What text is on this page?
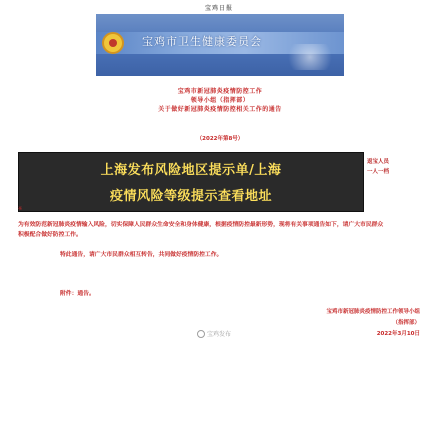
宝鸡日报
宝鸡市卫生健康委员会
宝鸡市新冠肺炎疫情防控工作
领导小组（指挥部）
关于做好新冠肺炎疫情防控相关工作的通告
（2022年第8号）
上海发布风险地区提示单/上海
疫情风险等级提示查看地址
返宝人员
一人一档
※
为有效防范新冠肺炎疫情输入风险，切实保障人民群众生命安全和身体健康，根据疫情防控最新形势，现将有关事项通告如下，请广大市民群众积极配合做好防控工作。
特此通告，请广大市民群众相互转告，共同做好疫情防控工作。
附件：通告。
宝鸡市新冠肺炎疫情防控工作领导小组
（指挥部）
2022年3月10日
宝鸡发布
